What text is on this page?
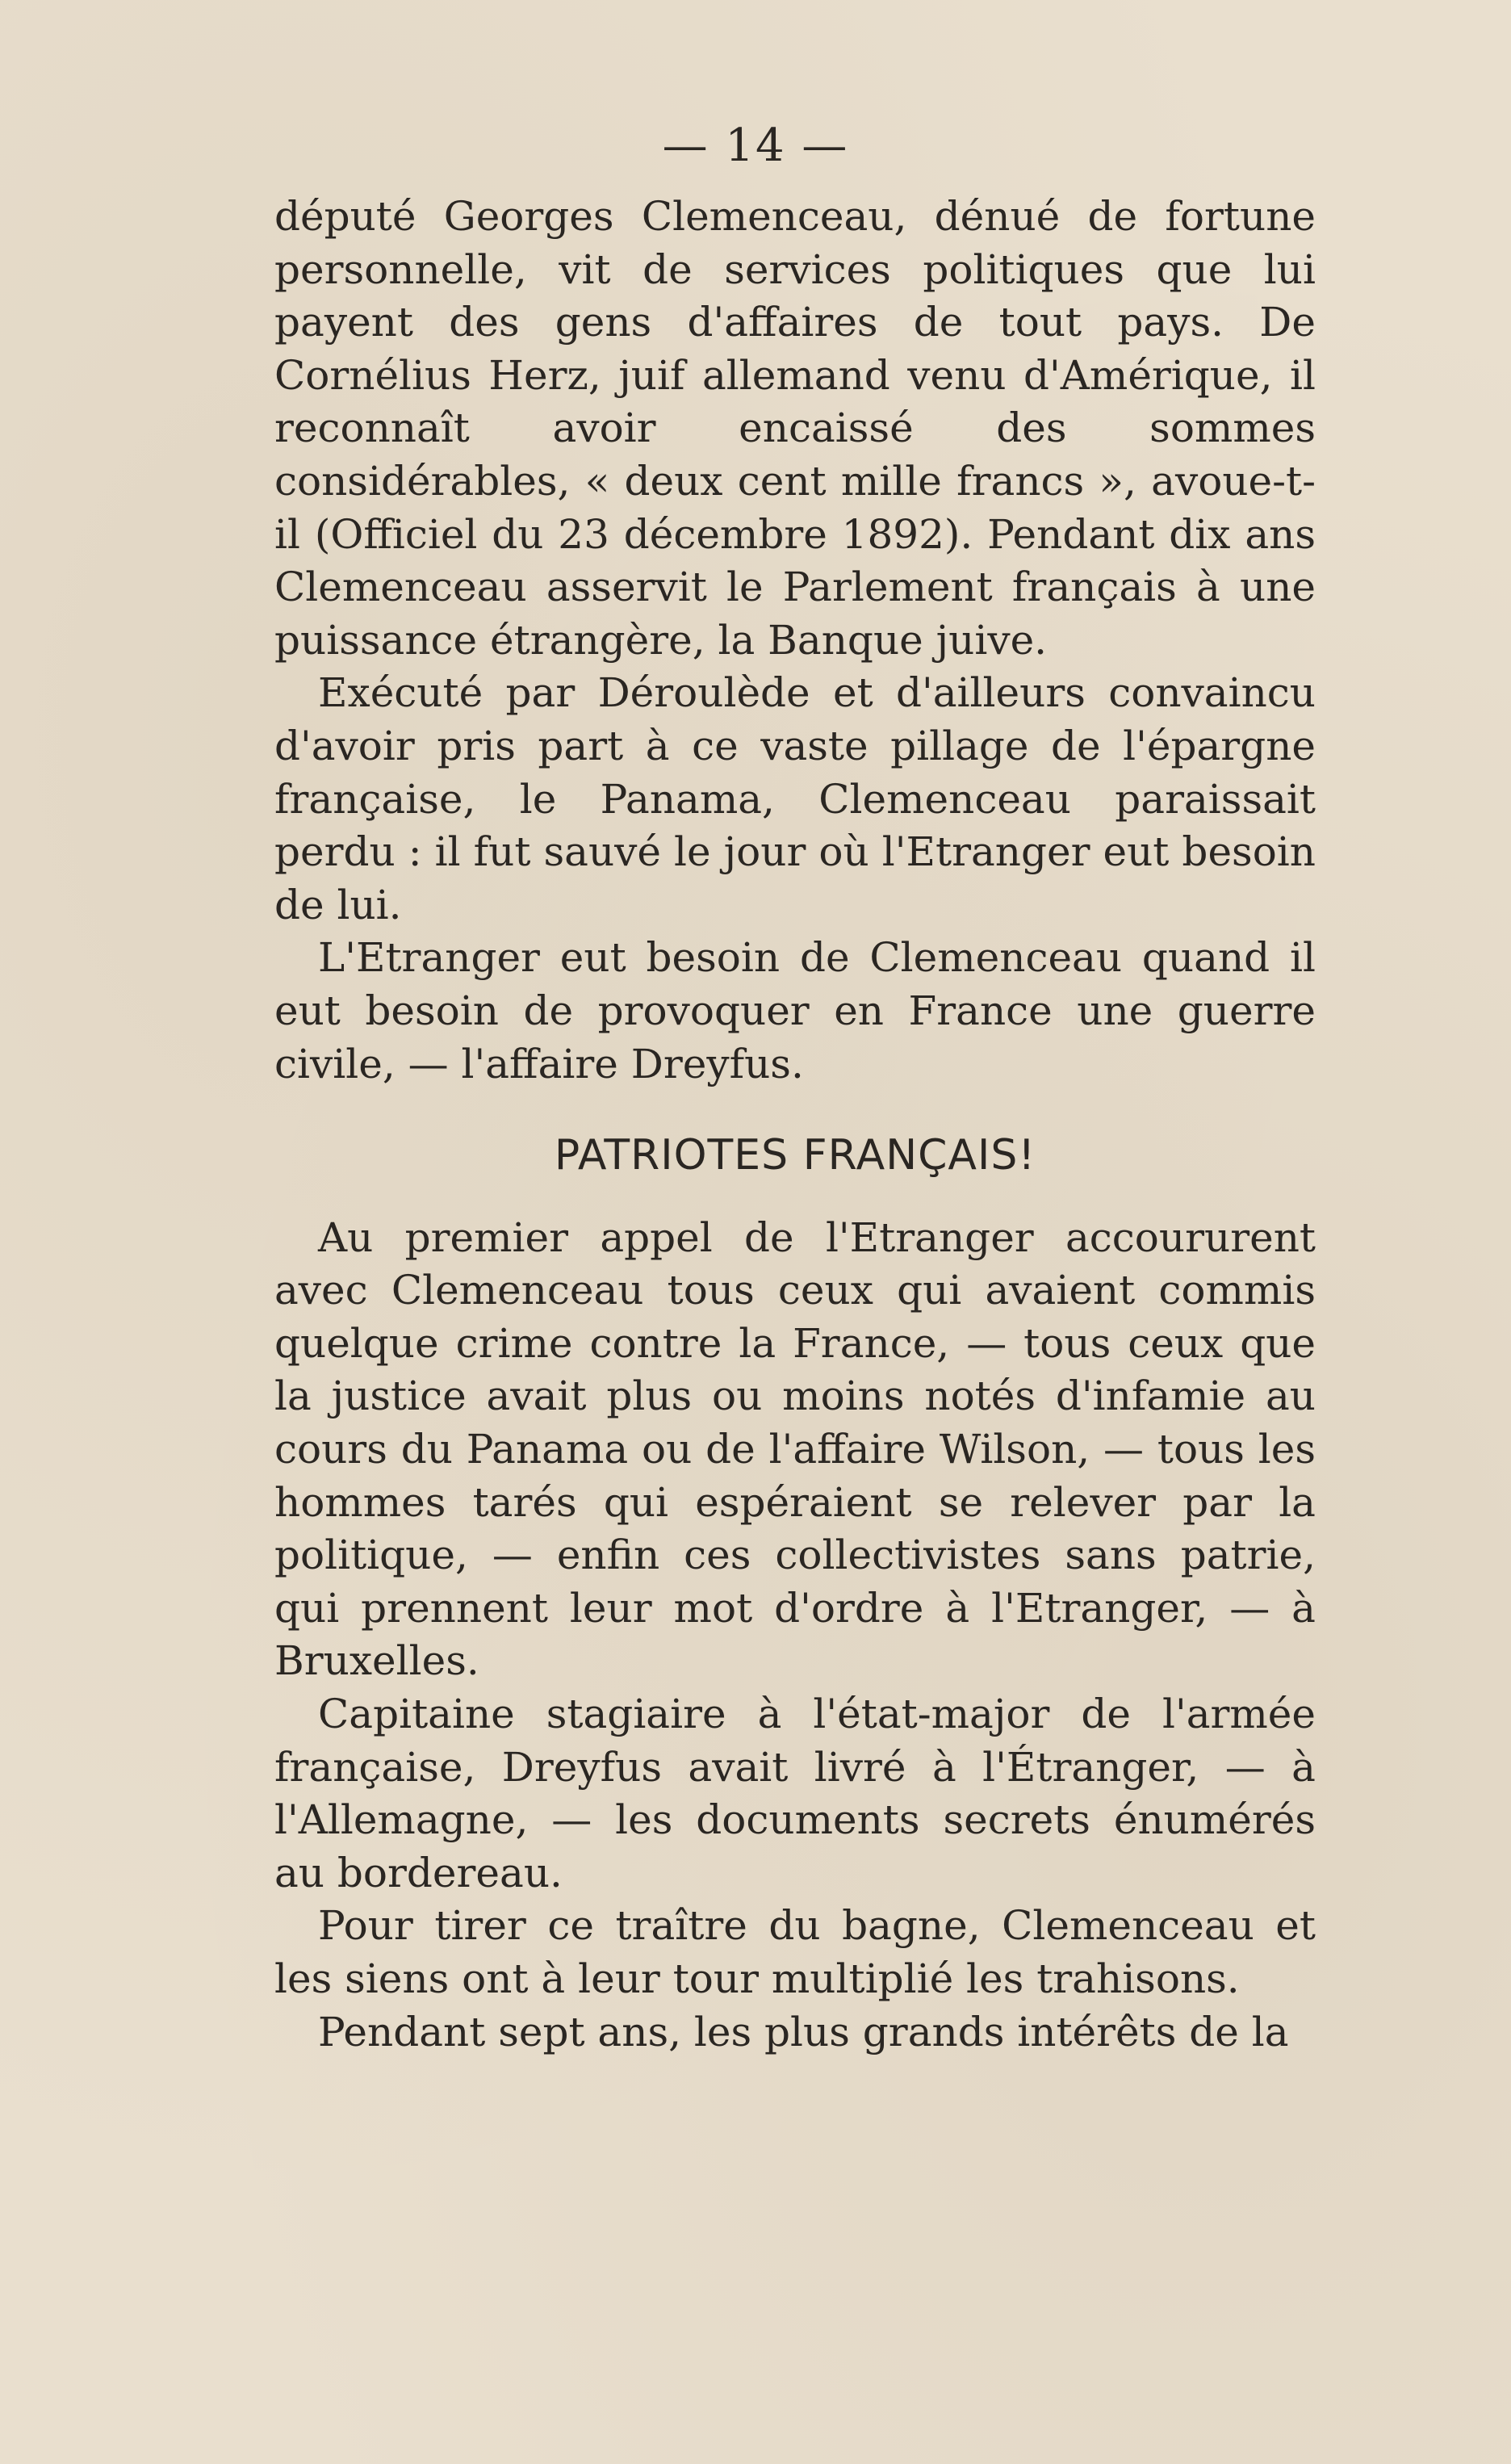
— 14 —

député Georges Clemenceau, dénué de fortune personnelle, vit de services politiques que lui payent des gens d'affaires de tout pays. De Cornélius Herz, juif allemand venu d'Amérique, il reconnaît avoir encaissé des sommes considérables, « deux cent mille francs », avoue-t-il (Officiel du 23 décembre 1892). Pendant dix ans Clemenceau asservit le Parlement français à une puissance étrangère, la Banque juive.

Exécuté par Déroulède et d'ailleurs convaincu d'avoir pris part à ce vaste pillage de l'épargne française, le Panama, Clemenceau paraissait perdu : il fut sauvé le jour où l'Etranger eut besoin de lui.

L'Etranger eut besoin de Clemenceau quand il eut besoin de provoquer en France une guerre civile, — l'affaire Dreyfus.

PATRIOTES FRANÇAIS!

Au premier appel de l'Etranger accoururent avec Clemenceau tous ceux qui avaient commis quelque crime contre la France, — tous ceux que la justice avait plus ou moins notés d'infamie au cours du Panama ou de l'affaire Wilson, — tous les hommes tarés qui espéraient se relever par la politique, — enfin ces collectivistes sans patrie, qui prennent leur mot d'ordre à l'Etranger, — à Bruxelles.

Capitaine stagiaire à l'état-major de l'armée française, Dreyfus avait livré à l'Étranger, — à l'Allemagne, — les documents secrets énumérés au bordereau.

Pour tirer ce traître du bagne, Clemenceau et les siens ont à leur tour multiplié les trahisons.

Pendant sept ans, les plus grands intérêts de la
